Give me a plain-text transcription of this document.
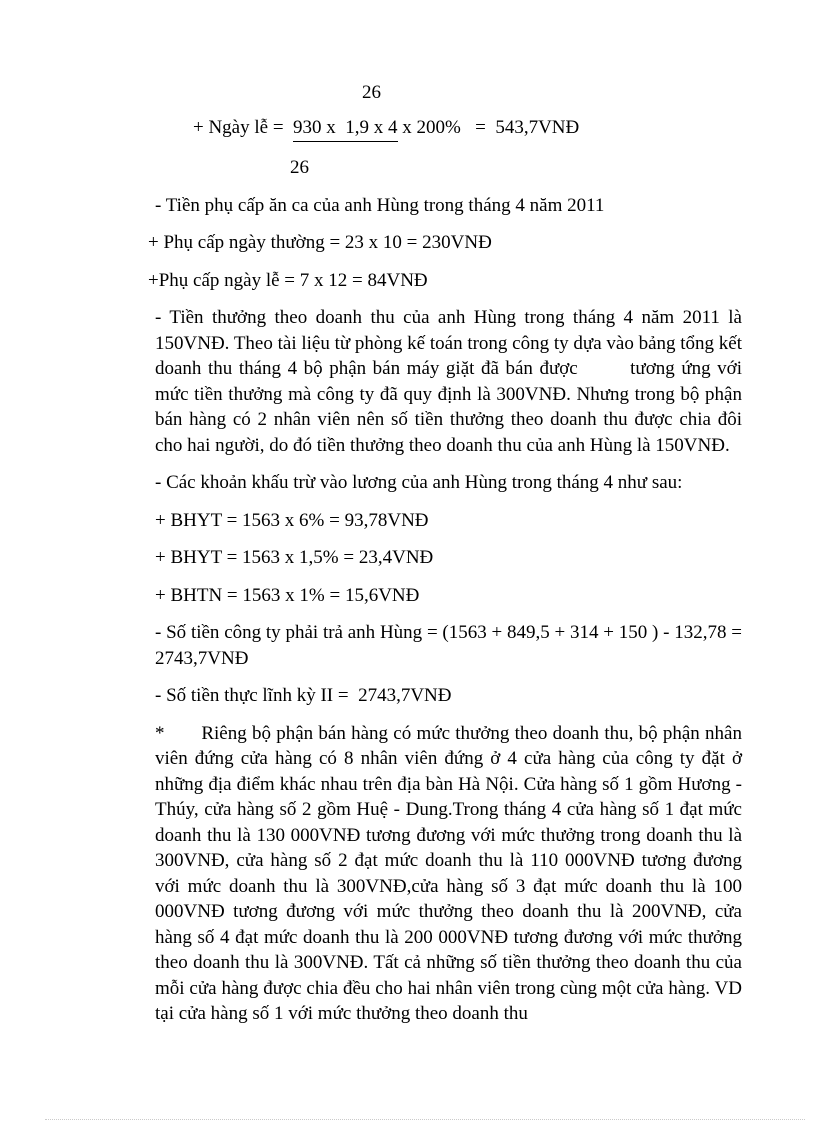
26
+ Ngày lễ =  930 x  1,9 x 4 x 200%   =  543,7VNĐ
26

- Tiền phụ cấp ăn ca của anh Hùng trong tháng 4 năm 2011

+ Phụ cấp ngày thường = 23 x 10 = 230VNĐ

+Phụ cấp ngày lễ = 7 x 12 = 84VNĐ

- Tiền thưởng theo doanh thu của anh Hùng trong tháng 4 năm 2011 là 150VNĐ. Theo tài liệu từ phòng kế toán trong công ty dựa vào bảng tổng kết doanh thu tháng 4 bộ phận bán máy giặt đã bán được        tương ứng với mức tiền thưởng mà công ty đã quy định là 300VNĐ. Nhưng trong bộ phận bán hàng có 2 nhân viên nên số tiền thưởng theo doanh thu được chia đôi cho hai người, do đó tiền thưởng theo doanh thu của anh Hùng là 150VNĐ.

- Các khoản khấu trừ vào lương của anh Hùng trong tháng 4 như sau:

+ BHYT = 1563 x 6% = 93,78VNĐ

+ BHYT = 1563 x 1,5% = 23,4VNĐ

+ BHTN = 1563 x 1% = 15,6VNĐ

- Số tiền công ty phải trả anh Hùng = (1563 + 849,5 + 314 + 150 ) - 132,78 = 2743,7VNĐ

- Số tiền thực lĩnh kỳ II =  2743,7VNĐ

*       Riêng bộ phận bán hàng có mức thưởng theo doanh thu, bộ phận nhân viên đứng cửa hàng có 8 nhân viên đứng ở 4 cửa hàng của công ty đặt ở những địa điểm khác nhau trên địa bàn Hà Nội. Cửa hàng số 1 gồm Hương - Thúy, cửa hàng số 2 gồm Huệ - Dung.Trong tháng 4 cửa hàng số 1 đạt mức doanh thu là 130 000VNĐ tương đương với mức thưởng trong doanh thu là 300VNĐ, cửa hàng số 2 đạt mức doanh thu là 110 000VNĐ tương đương với mức doanh thu là 300VNĐ,cửa hàng số 3 đạt mức doanh thu là 100 000VNĐ tương đương với mức thưởng theo doanh thu là 200VNĐ, cửa hàng số 4 đạt mức doanh thu là 200 000VNĐ tương đương với mức thưởng theo doanh thu là 300VNĐ. Tất cả những số tiền thưởng theo doanh thu của mỗi cửa hàng được chia đều cho hai nhân viên trong cùng một cửa hàng. VD tại cửa hàng số 1 với mức thưởng theo doanh thu
